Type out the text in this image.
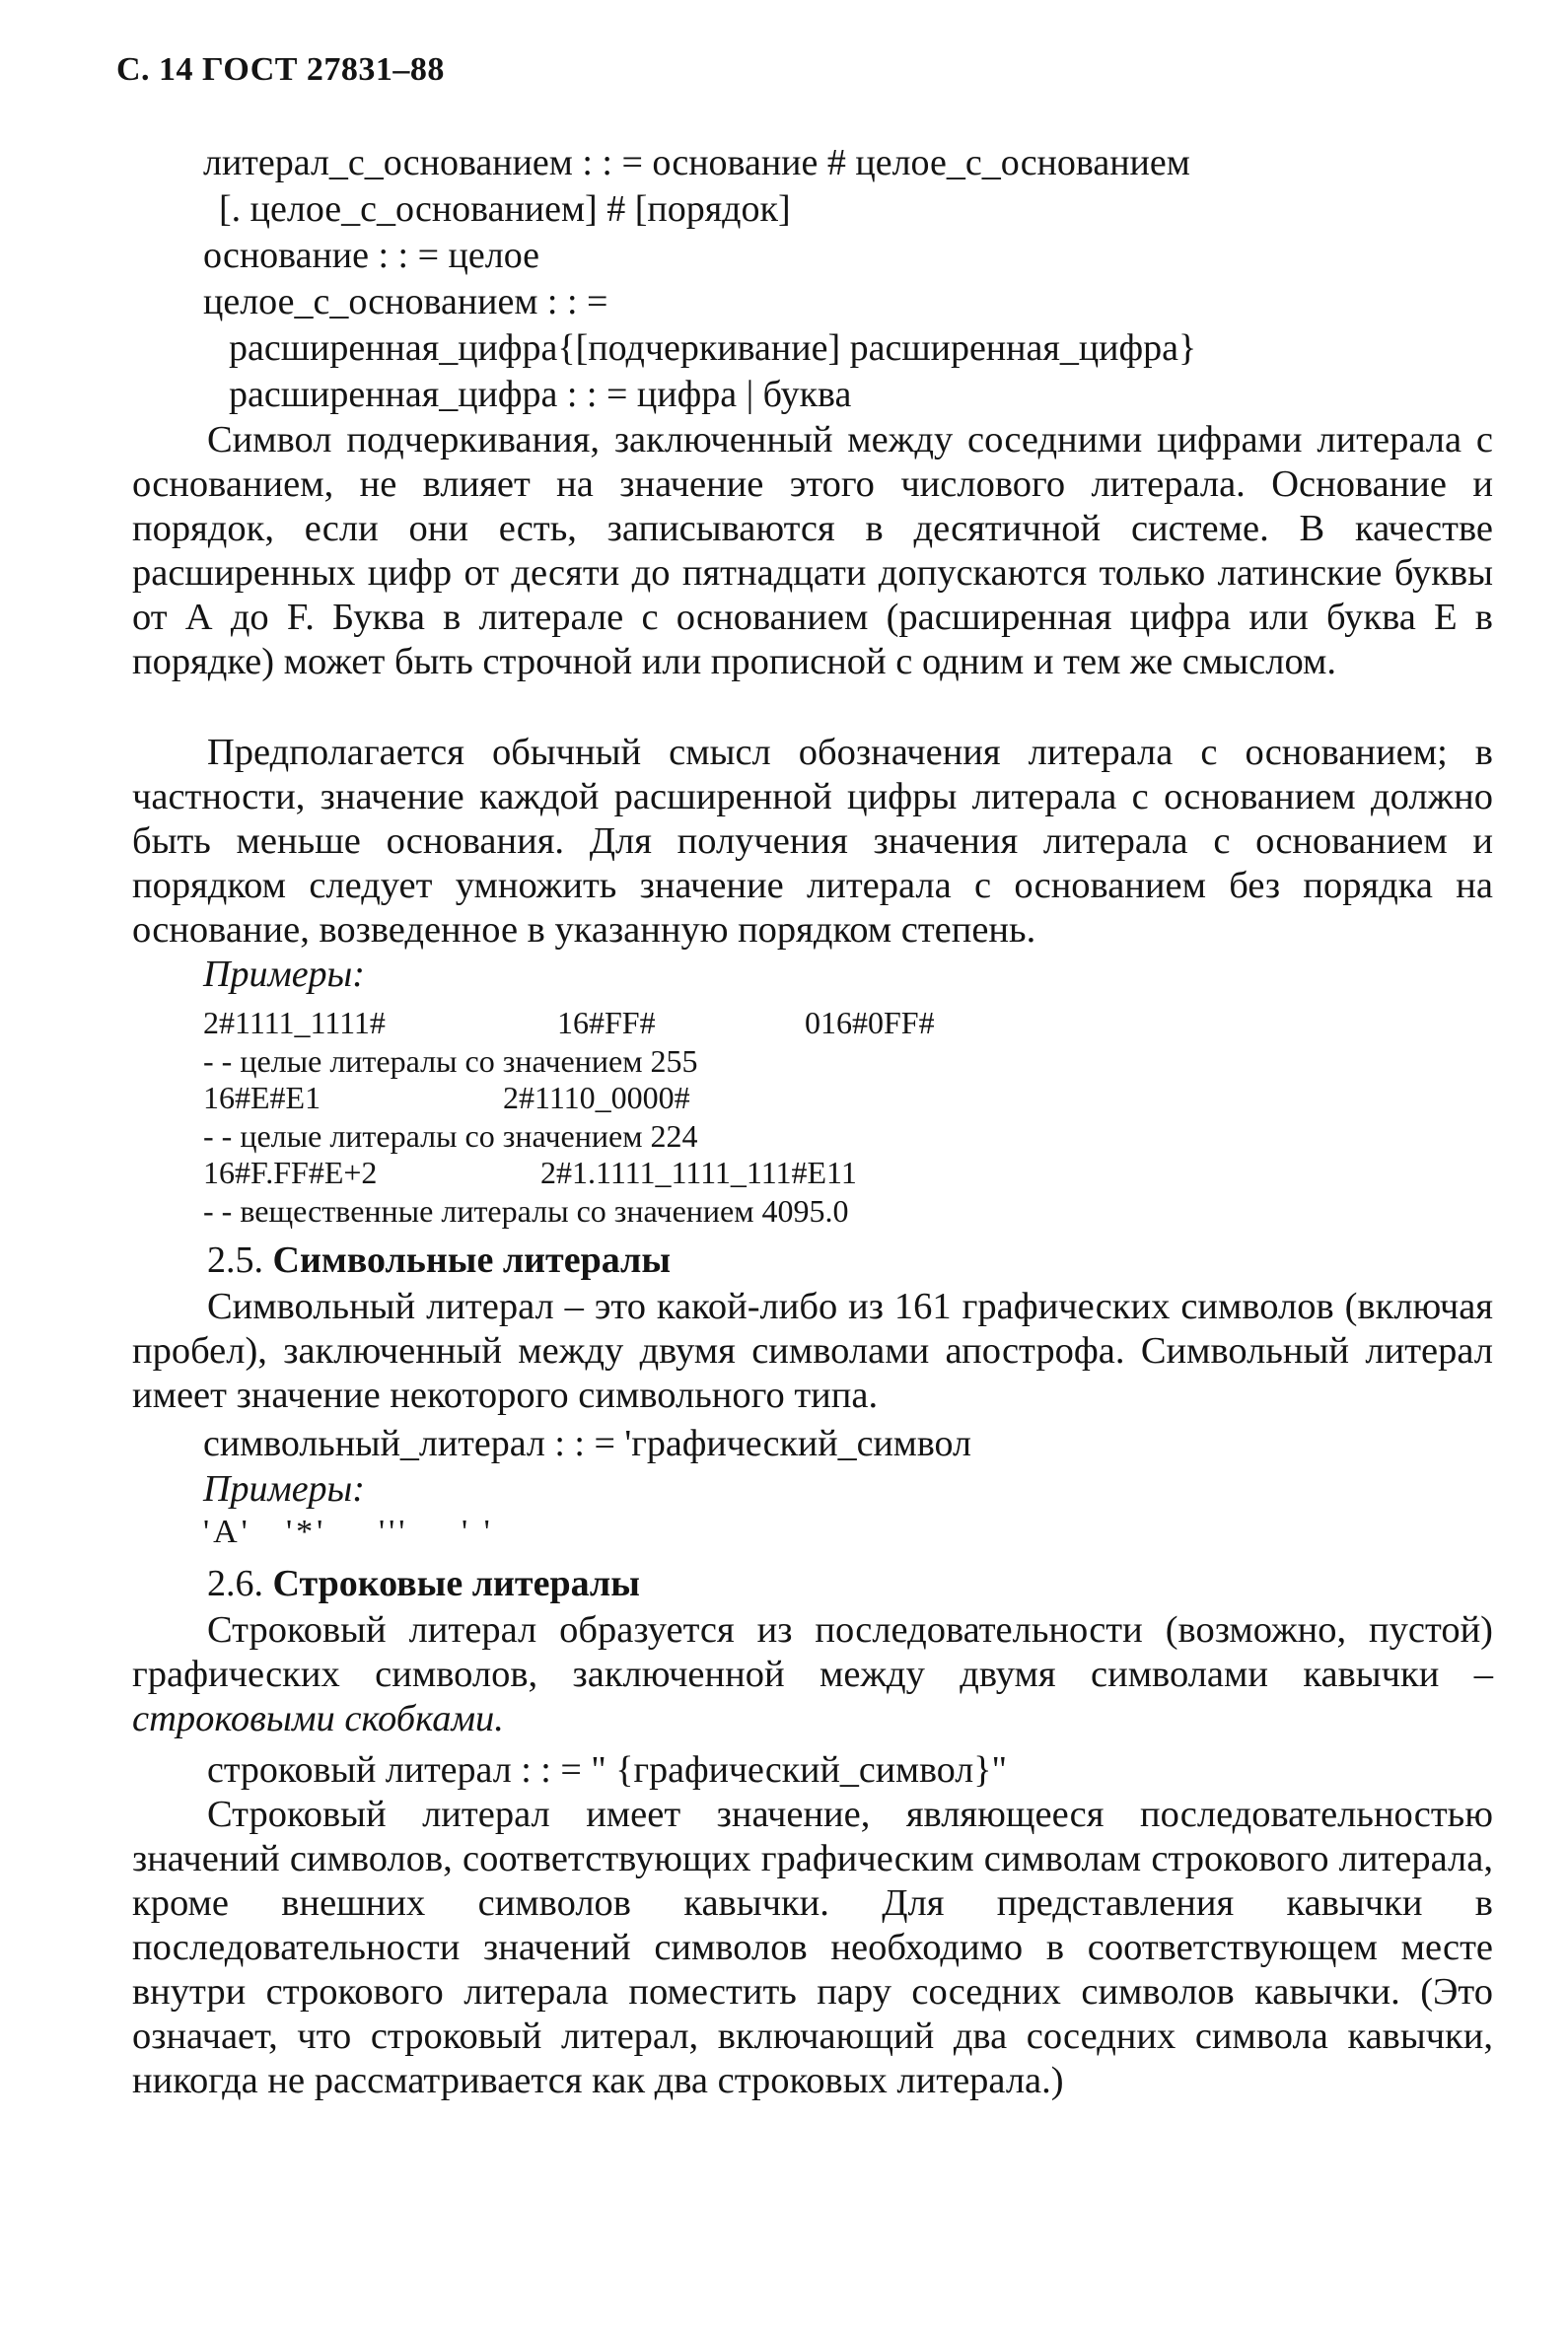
С. 14 ГОСТ 27831–88
литерал_с_основанием : : = основание # целое_с_основанием
[. целое_с_основанием] # [порядок]
основание : : = целое
целое_с_основанием : : =
расширенная_цифра{[подчеркивание] расширенная_цифра}
расширенная_цифра : : = цифра | буква
Символ подчеркивания, заключенный между соседними цифрами литерала с основанием, не влияет на значение этого числового литерала. Основание и порядок, если они есть, записываются в десятичной системе. В качестве расширенных цифр от десяти до пятнадцати допускаются только латинские буквы от А до F. Буква в литерале с основанием (расширенная цифра или буква Е в порядке) может быть строчной или прописной с одним и тем же смыслом.
Предполагается обычный смысл обозначения литерала с основанием; в частности, значение каждой расширенной цифры литерала с основанием должно быть меньше основания. Для получения значения литерала с основанием и порядком следует умножить значение литерала с основанием без порядка на основание, возведенное в указанную порядком степень.
Примеры:
2#1111_1111#	16#FF#	016#0FF#
- - целые литералы со значением 255
16#E#E1	2#1110_0000#
- - целые литералы со значением 224
16#F.FF#E+2	2#1.1111_1111_111#E11
- - вещественные литералы со значением 4095.0
2.5. Символьные литералы
Символьный литерал – это какой-либо из 161 графических символов (включая пробел), заключенный между двумя символами апострофа. Символьный литерал имеет значение некоторого символьного типа.
символьный_литерал : : = 'графический_символ
Примеры:
'A' '*' ''' ' '
2.6. Строковые литералы
Строковый литерал образуется из последовательности (возможно, пустой) графических символов, заключенной между двумя символами кавычки – строковыми скобками.
строковый литерал : : = " {графический_символ}"
Строковый литерал имеет значение, являющееся последовательностью значений символов, соответствующих графическим символам строкового литерала, кроме внешних символов кавычки. Для представления кавычки в последовательности значений символов необходимо в соответствующем месте внутри строкового литерала поместить пару соседних символов кавычки. (Это означает, что строковый литерал, включающий два соседних символа кавычки, никогда не рассматривается как два строковых литерала.)
